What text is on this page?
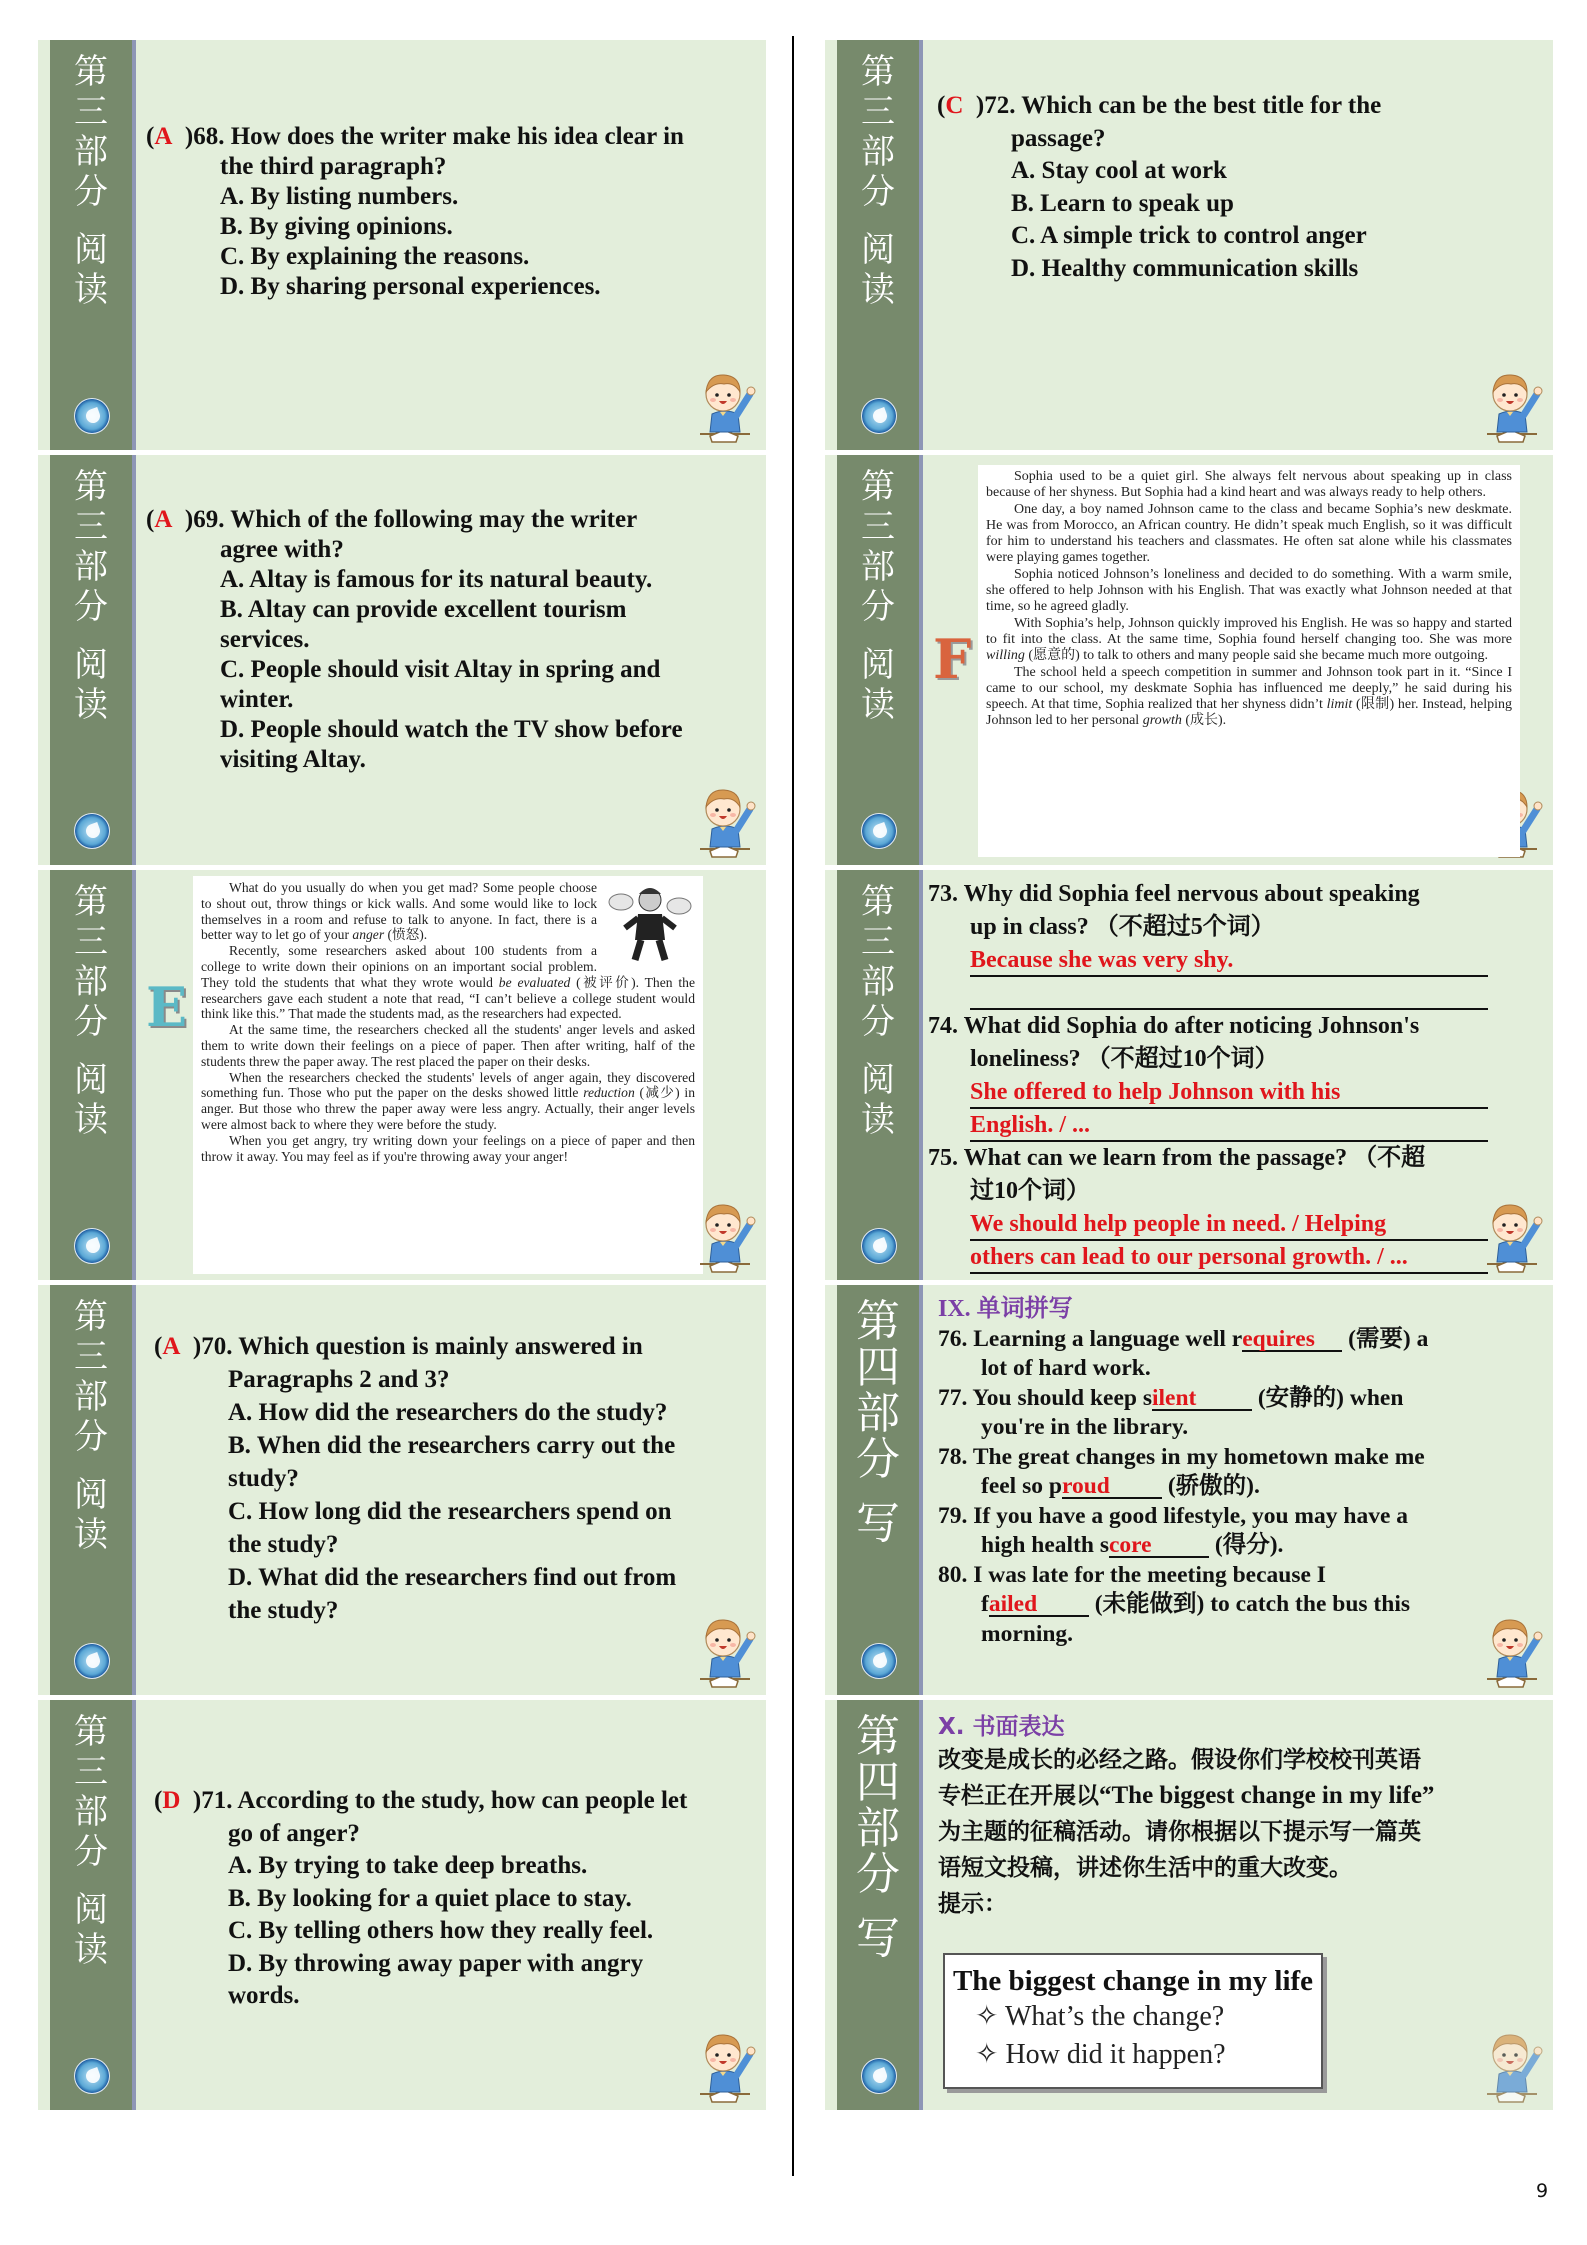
第
三
部
分
阅
读
(A )68. How does the writer make his idea clear in
the third paragraph?
A. By listing numbers.
B. By giving opinions.
C. By explaining the reasons.
D. By sharing personal experiences.
第
三
部
分
阅
读
(A )69. Which of the following may the writer
agree with?
A. Altay is famous for its natural beauty.
B. Altay can provide excellent tourism
services.
C. People should visit Altay in spring and
winter.
D. People should watch the TV show before
visiting Altay.
第
三
部
分
阅
读
E

What do you usually do when you get mad? Some people choose to shout out, throw things or kick walls. And some would like to lock themselves in a room and refuse to talk to anyone. In fact, there is a better way to let go of your anger (愤怒).

Recently, some researchers asked about 100 students from a college to write down their opinions on an important social problem. They told the students that what they wrote would be evaluated (被评价). Then the researchers gave each student a note that read, “I can’t believe a college student would think like this.” That made the students mad, as the researchers had expected.

At the same time, the researchers checked all the students' anger levels and asked them to write down their feelings on a piece of paper. Then after writing, half of the students threw the paper away. The rest placed the paper on their desks.

When the researchers checked the students' levels of anger again, they discovered something fun. Those who put the paper on the desks showed little reduction (减少) in anger. But those who threw the paper away were less angry. Actually, their anger levels were almost back to where they were before the study.

When you get angry, try writing down your feelings on a piece of paper and then throw it away. You may feel as if you're throwing away your anger!

第
三
部
分
阅
读
(A )70. Which question is mainly answered in
Paragraphs 2 and 3?
A. How did the researchers do the study?
B. When did the researchers carry out the
study?
C. How long did the researchers spend on
the study?
D. What did the researchers find out from
the study?
第
三
部
分
阅
读
(D )71. According to the study, how can people let
go of anger?
A. By trying to take deep breaths.
B. By looking for a quiet place to stay.
C. By telling others how they really feel.
D. By throwing away paper with angry
words.
第
三
部
分
阅
读
(C )72. Which can be the best title for the
passage?
A. Stay cool at work
B. Learn to speak up
C. A simple trick to control anger
D. Healthy communication skills
第
三
部
分
阅
读
F

Sophia used to be a quiet girl. She always felt nervous about speaking up in class because of her shyness. But Sophia had a kind heart and was always ready to help others.

One day, a boy named Johnson came to the class and became Sophia’s new deskmate. He was from Morocco, an African country. He didn’t speak much English, so it was difficult for him to understand his teachers and classmates. He often sat alone while his classmates were playing games together.

Sophia noticed Johnson’s loneliness and decided to do something. With a warm smile, she offered to help Johnson with his English. That was exactly what Johnson needed at that time, so he agreed gladly.

With Sophia’s help, Johnson quickly improved his English. He was so happy and started to fit into the class. At the same time, Sophia found herself changing too. She was more willing (愿意的) to talk to others and many people said she became much more outgoing.

The school held a speech competition in summer and Johnson took part in it. “Since I came to our school, my deskmate Sophia has influenced me deeply,” he said during his speech. At that time, Sophia realized that her shyness didn’t limit (限制) her. Instead, helping Johnson led to her personal growth (成长).

第
三
部
分
阅
读
73. Why did Sophia feel nervous about speaking
up in class? （不超过5个词）
Because she was very shy.
74. What did Sophia do after noticing Johnson's
loneliness? （不超过10个词）
She offered to help Johnson with his
English. / ...
75. What can we learn from the passage? （不超
过10个词）
We should help people in need. / Helping
others can lead to our personal growth. / ...
第
四
部
分
写
IX. 单词拼写
76. Learning a language well requires (需要) a
lot of hard work.
77. You should keep silent (安静的) when
you're in the library.
78. The great changes in my hometown make me
feel so proud (骄傲的).
79. If you have a good lifestyle, you may have a
high health score (得分).
80. I was late for the meeting because I
failed (未能做到) to catch the bus this
morning.
第
四
部
分
写
X. 书面表达
改变是成长的必经之路。假设你们学校校刊英语
专栏正在开展以“The biggest change in my life”
为主题的征稿活动。请你根据以下提示写一篇英
语短文投稿，讲述你生活中的重大改变。
提示：
The biggest change in my life
✧ What’s the change?
✧ How did it happen?
9
